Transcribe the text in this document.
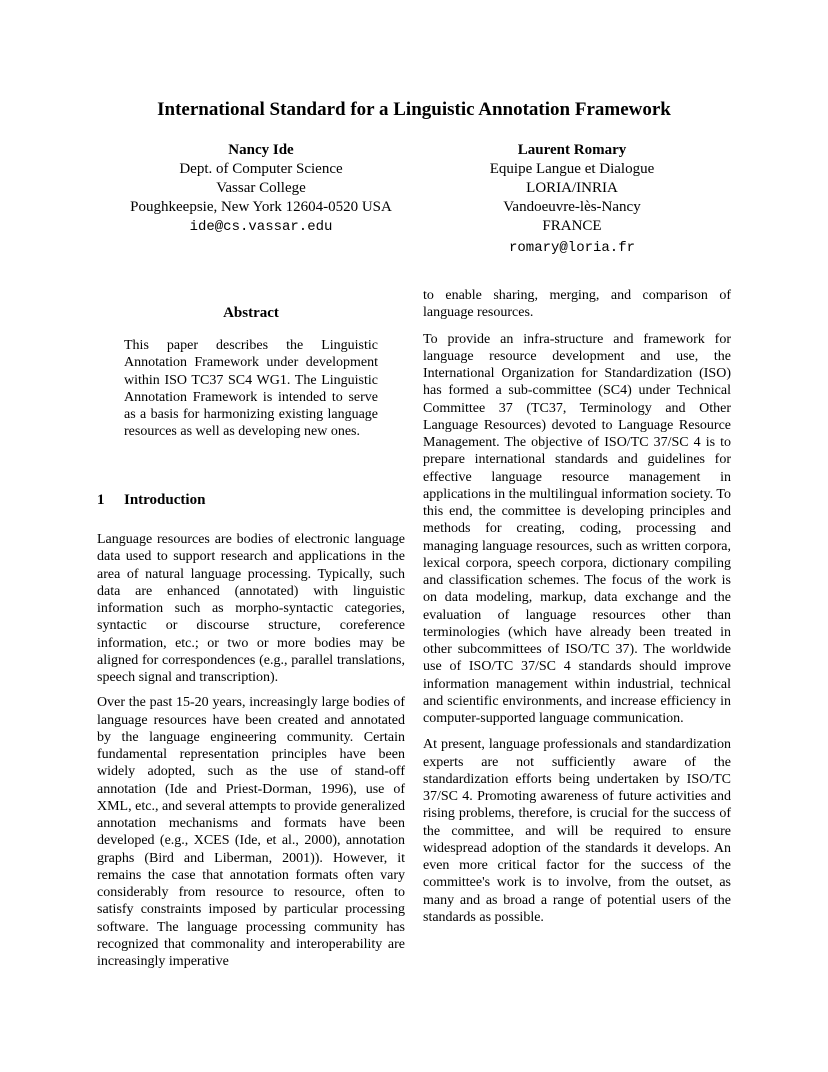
International Standard for a Linguistic Annotation Framework
Nancy Ide
Dept. of Computer Science
Vassar College
Poughkeepsie, New York 12604-0520 USA
ide@cs.vassar.edu
Laurent Romary
Equipe Langue et Dialogue
LORIA/INRIA
Vandoeuvre-lès-Nancy
FRANCE
romary@loria.fr
Abstract
This paper describes the Linguistic Annotation Framework under development within ISO TC37 SC4 WG1. The Linguistic Annotation Framework is intended to serve as a basis for harmonizing existing language resources as well as developing new ones.
1 Introduction

Language resources are bodies of electronic language data used to support research and applications in the area of natural language processing. Typically, such data are enhanced (annotated) with linguistic information such as morpho-syntactic categories, syntactic or discourse structure, coreference information, etc.; or two or more bodies may be aligned for correspondences (e.g., parallel translations, speech signal and transcription).

Over the past 15-20 years, increasingly large bodies of language resources have been created and annotated by the language engineering community. Certain fundamental representation principles have been widely adopted, such as the use of stand-off annotation (Ide and Priest-Dorman, 1996), use of XML, etc., and several attempts to provide generalized annotation mechanisms and formats have been developed (e.g., XCES (Ide, et al., 2000), annotation graphs (Bird and Liberman, 2001)). However, it remains the case that annotation formats often vary considerably from resource to resource, often to satisfy constraints imposed by particular processing software. The language processing community has recognized that commonality and interoperability are increasingly imperative

to enable sharing, merging, and comparison of language resources.

To provide an infra-structure and framework for language resource development and use, the International Organization for Standardization (ISO) has formed a sub-committee (SC4) under Technical Committee 37 (TC37, Terminology and Other Language Resources) devoted to Language Resource Management. The objective of ISO/TC 37/SC 4 is to prepare international standards and guidelines for effective language resource management in applications in the multilingual information society. To this end, the committee is developing principles and methods for creating, coding, processing and managing language resources, such as written corpora, lexical corpora, speech corpora, dictionary compiling and classification schemes. The focus of the work is on data modeling, markup, data exchange and the evaluation of language resources other than terminologies (which have already been treated in other subcommittees of ISO/TC 37). The worldwide use of ISO/TC 37/SC 4 standards should improve information management within industrial, technical and scientific environments, and increase efficiency in computer-supported language communication.

At present, language professionals and standardization experts are not sufficiently aware of the standardization efforts being undertaken by ISO/TC 37/SC 4. Promoting awareness of future activities and rising problems, therefore, is crucial for the success of the committee, and will be required to ensure widespread adoption of the standards it develops. An even more critical factor for the success of the committee's work is to involve, from the outset, as many and as broad a range of potential users of the standards as possible.
